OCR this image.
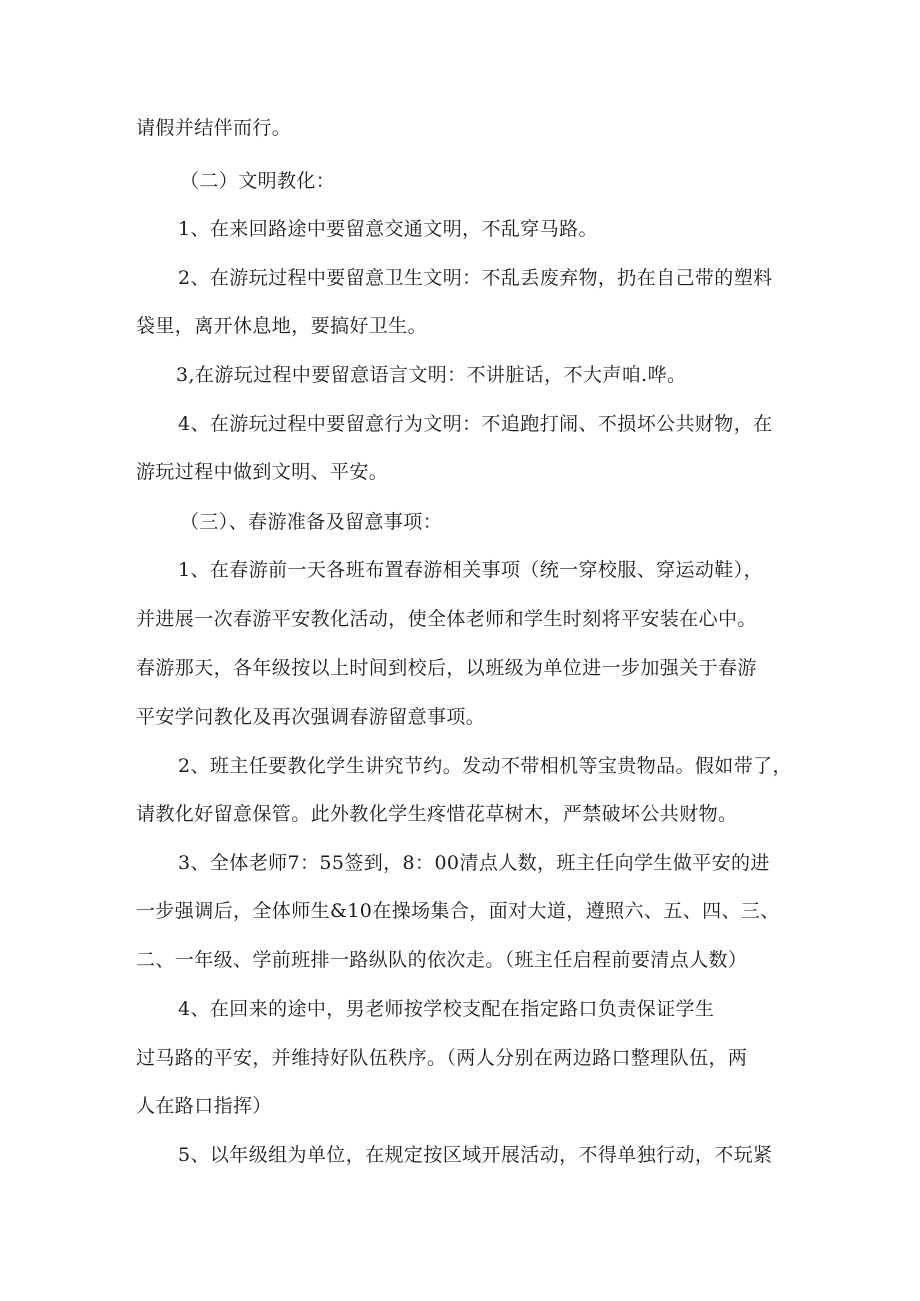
请假并结伴而行。
（二）文明教化：
1、在来回路途中要留意交通文明，不乱穿马路。
2、在游玩过程中要留意卫生文明：不乱丢废弃物，扔在自己带的塑料
袋里，离开休息地，要搞好卫生。
3,在游玩过程中要留意语言文明：不讲脏话，不大声咱.哗。
4、在游玩过程中要留意行为文明：不追跑打闹、不损坏公共财物，在
游玩过程中做到文明、平安。
（三）、春游准备及留意事项：
1、在春游前一天各班布置春游相关事项（统一穿校服、穿运动鞋），
并进展一次春游平安教化活动，使全体老师和学生时刻将平安装在心中。
春游那天，各年级按以上时间到校后，以班级为单位进一步加强关于春游
平安学问教化及再次强调春游留意事项。
2、班主任要教化学生讲究节约。发动不带相机等宝贵物品。假如带了，
请教化好留意保管。此外教化学生疼惜花草树木，严禁破坏公共财物。
3、全体老师7：55签到，8：00清点人数，班主任向学生做平安的进
一步强调后，全体师生&10在操场集合，面对大道，遵照六、五、四、三、
二、一年级、学前班排一路纵队的依次走。（班主任启程前要清点人数）
4、在回来的途中，男老师按学校支配在指定路口负责保证学生
过马路的平安，并维持好队伍秩序。（两人分别在两边路口整理队伍，两
人在路口指挥）
5、以年级组为单位，在规定按区域开展活动，不得单独行动，不玩紧
